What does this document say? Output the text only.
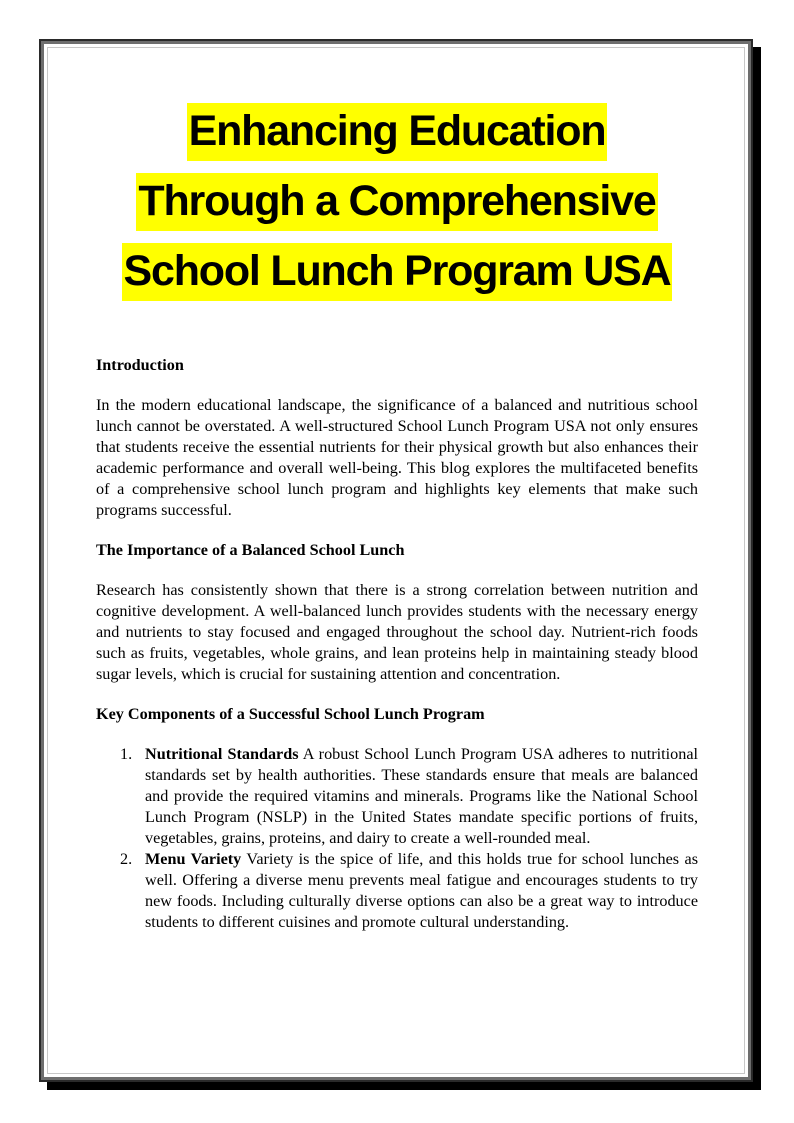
Enhancing Education
Through a Comprehensive
School Lunch Program USA
Introduction
In the modern educational landscape, the significance of a balanced and nutritious school lunch cannot be overstated. A well-structured School Lunch Program USA not only ensures that students receive the essential nutrients for their physical growth but also enhances their academic performance and overall well-being. This blog explores the multifaceted benefits of a comprehensive school lunch program and highlights key elements that make such programs successful.
The Importance of a Balanced School Lunch
Research has consistently shown that there is a strong correlation between nutrition and cognitive development. A well-balanced lunch provides students with the necessary energy and nutrients to stay focused and engaged throughout the school day. Nutrient-rich foods such as fruits, vegetables, whole grains, and lean proteins help in maintaining steady blood sugar levels, which is crucial for sustaining attention and concentration.
Key Components of a Successful School Lunch Program
1. Nutritional Standards A robust School Lunch Program USA adheres to nutritional standards set by health authorities. These standards ensure that meals are balanced and provide the required vitamins and minerals. Programs like the National School Lunch Program (NSLP) in the United States mandate specific portions of fruits, vegetables, grains, proteins, and dairy to create a well-rounded meal.
2. Menu Variety Variety is the spice of life, and this holds true for school lunches as well. Offering a diverse menu prevents meal fatigue and encourages students to try new foods. Including culturally diverse options can also be a great way to introduce students to different cuisines and promote cultural understanding.
